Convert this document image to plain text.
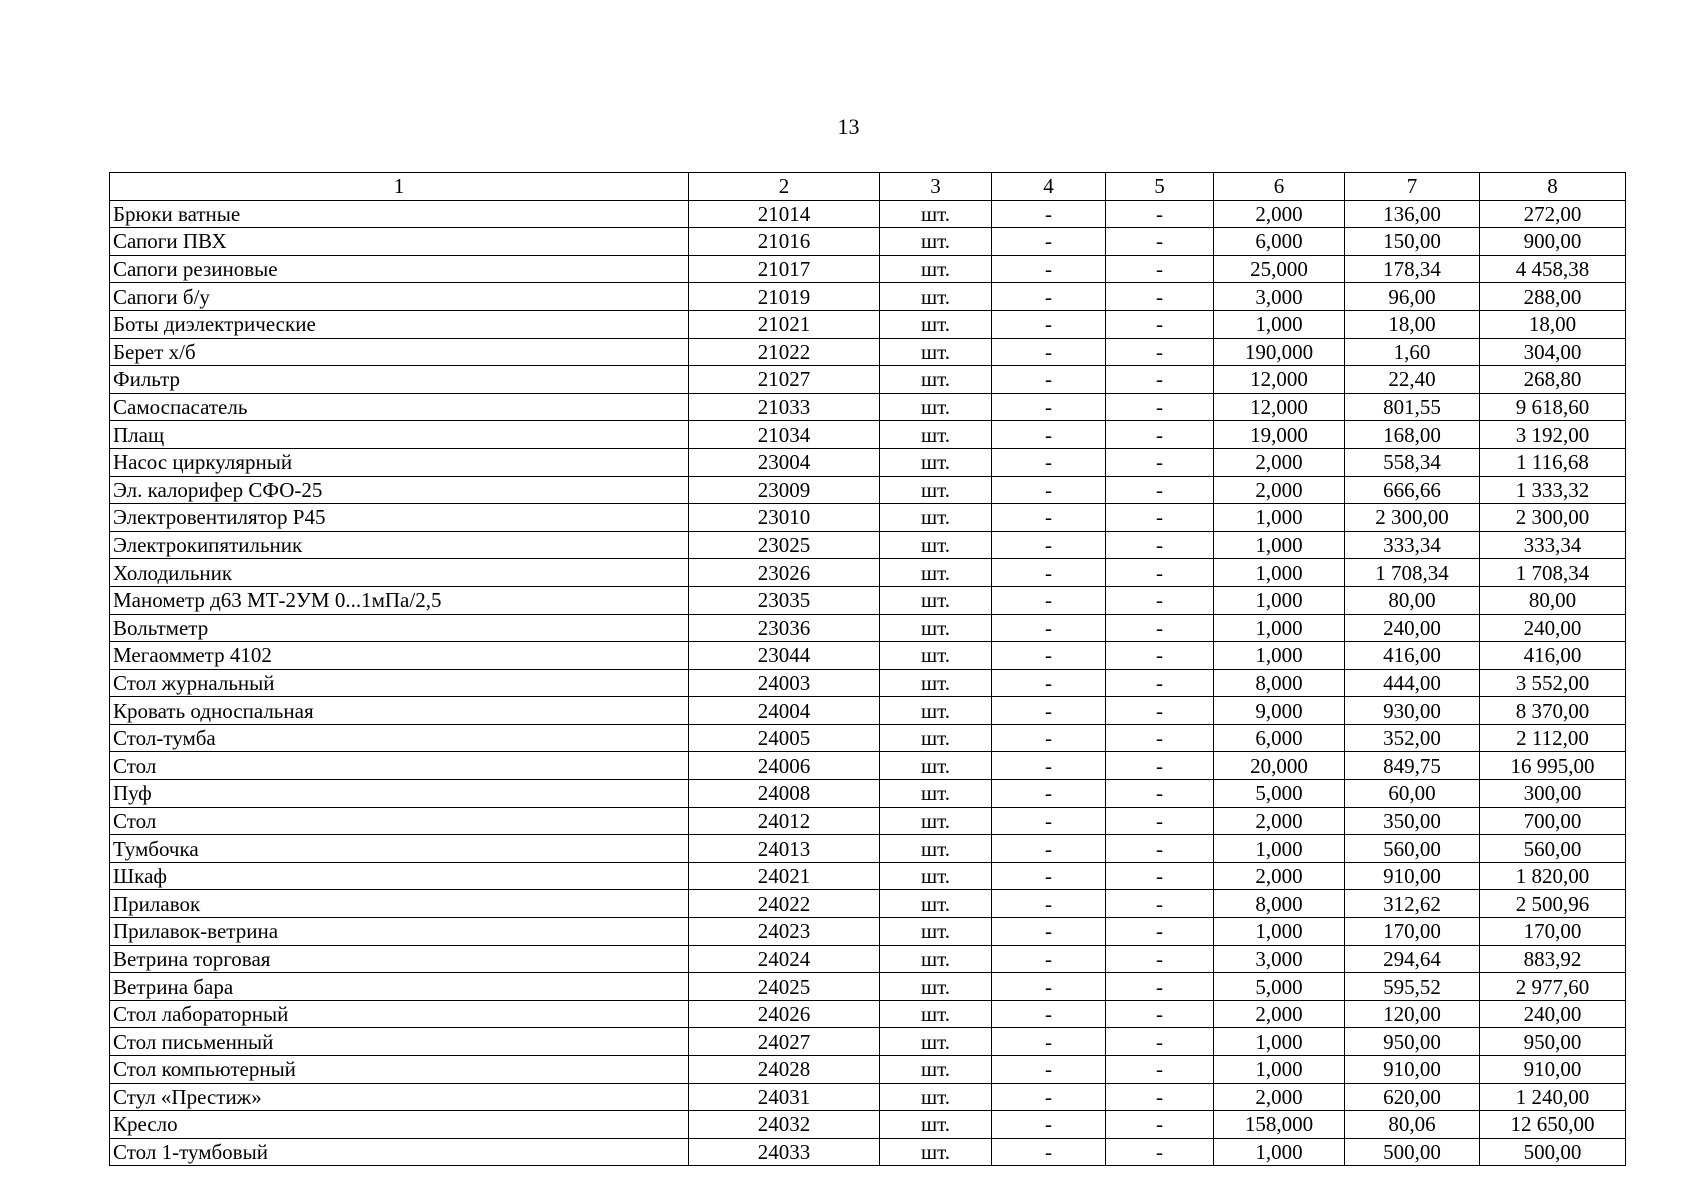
13
1	2	3	4	5	6	7	8
Брюки ватные	21014	шт.	-	-	2,000	136,00	272,00
Сапоги ПВХ	21016	шт.	-	-	6,000	150,00	900,00
Сапоги резиновые	21017	шт.	-	-	25,000	178,34	4 458,38
Сапоги б/у	21019	шт.	-	-	3,000	96,00	288,00
Боты диэлектрические	21021	шт.	-	-	1,000	18,00	18,00
Берет х/б	21022	шт.	-	-	190,000	1,60	304,00
Фильтр	21027	шт.	-	-	12,000	22,40	268,80
Самоспасатель	21033	шт.	-	-	12,000	801,55	9 618,60
Плащ	21034	шт.	-	-	19,000	168,00	3 192,00
Насос циркулярный	23004	шт.	-	-	2,000	558,34	1 116,68
Эл. калорифер СФО-25	23009	шт.	-	-	2,000	666,66	1 333,32
Электровентилятор Р45	23010	шт.	-	-	1,000	2 300,00	2 300,00
Электрокипятильник	23025	шт.	-	-	1,000	333,34	333,34
Холодильник	23026	шт.	-	-	1,000	1 708,34	1 708,34
Манометр д63 МТ-2УМ 0...1мПа/2,5	23035	шт.	-	-	1,000	80,00	80,00
Вольтметр	23036	шт.	-	-	1,000	240,00	240,00
Мегаомметр 4102	23044	шт.	-	-	1,000	416,00	416,00
Стол журнальный	24003	шт.	-	-	8,000	444,00	3 552,00
Кровать односпальная	24004	шт.	-	-	9,000	930,00	8 370,00
Стол-тумба	24005	шт.	-	-	6,000	352,00	2 112,00
Стол	24006	шт.	-	-	20,000	849,75	16 995,00
Пуф	24008	шт.	-	-	5,000	60,00	300,00
Стол	24012	шт.	-	-	2,000	350,00	700,00
Тумбочка	24013	шт.	-	-	1,000	560,00	560,00
Шкаф	24021	шт.	-	-	2,000	910,00	1 820,00
Прилавок	24022	шт.	-	-	8,000	312,62	2 500,96
Прилавок-ветрина	24023	шт.	-	-	1,000	170,00	170,00
Ветрина торговая	24024	шт.	-	-	3,000	294,64	883,92
Ветрина бара	24025	шт.	-	-	5,000	595,52	2 977,60
Стол лабораторный	24026	шт.	-	-	2,000	120,00	240,00
Стол письменный	24027	шт.	-	-	1,000	950,00	950,00
Стол компьютерный	24028	шт.	-	-	1,000	910,00	910,00
Стул «Престиж»	24031	шт.	-	-	2,000	620,00	1 240,00
Кресло	24032	шт.	-	-	158,000	80,06	12 650,00
Стол 1-тумбовый	24033	шт.	-	-	1,000	500,00	500,00
